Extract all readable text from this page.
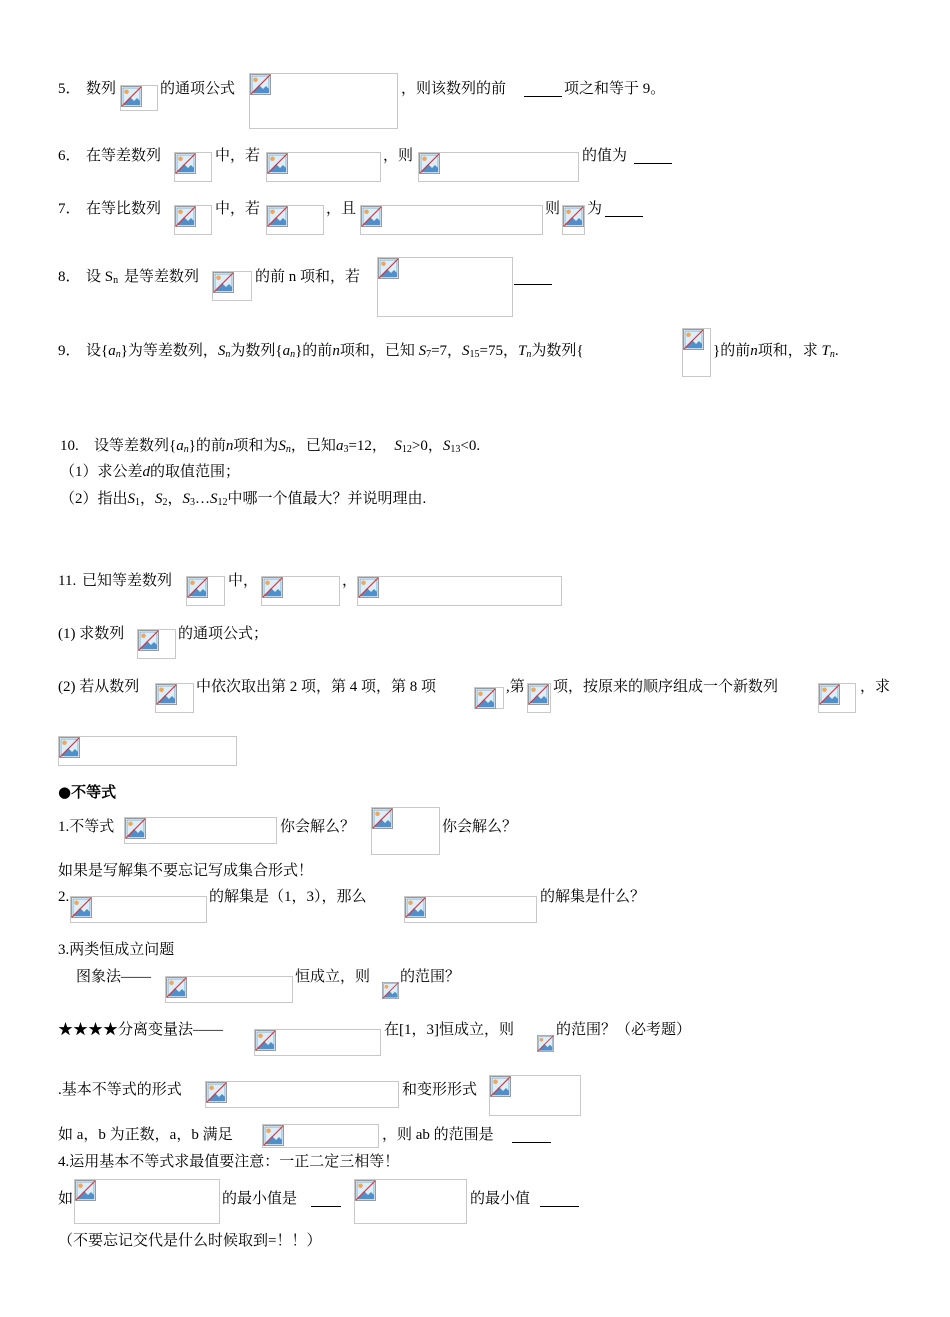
5． 数列	的通项公式	，则该数列的前	项之和等于 9。
6． 在等差数列	中，若	，则	的值为
7． 在等比数列	中，若	，且	则 为
8． 设 $S_n$ 是等差数列	的前 n 项和，若
9． 设$\{a_n\}$为等差数列，$S_n$为数列$\{a_n\}$的前n项和，已知 $S_7=7$，$S_{15}=75$，$T_n$为数列{	}的前n项和，求 $T_n$.
10. 设等差数列$\{a_n\}$的前n项和为$S_n$，已知$a_3=12$， $S_{12}>0$，$S_{13}<0$.
（1）求公差d的取值范围；
（2）指出$S_1$，$S_2$，$S_3\dots S_{12}$中哪一个值最大？并说明理由.
11. 已知等差数列	中，	，
(1) 求数列	的通项公式；
(2) 若从数列	中依次取出第 2 项，第 4 项，第 8 项	,第 项，按原来的顺序组成一个新数列	，求
●不等式
1.不等式	你会解么？	你会解么？
如果是写解集不要忘记写成集合形式！
2.	的解集是（1，3），那么	的解集是什么？
3.两类恒成立问题
图象法——	恒成立，则 的范围？
★★★★分离变量法——	在[1，3]恒成立，则	的范围？（必考题）
.基本不等式的形式	和变形形式
如 a，b 为正数，a，b 满足	，则 ab 的范围是
4.运用基本不等式求最值要注意：一正二定三相等！
如	的最小值是	的最小值
（不要忘记交代是什么时候取到=！！）
